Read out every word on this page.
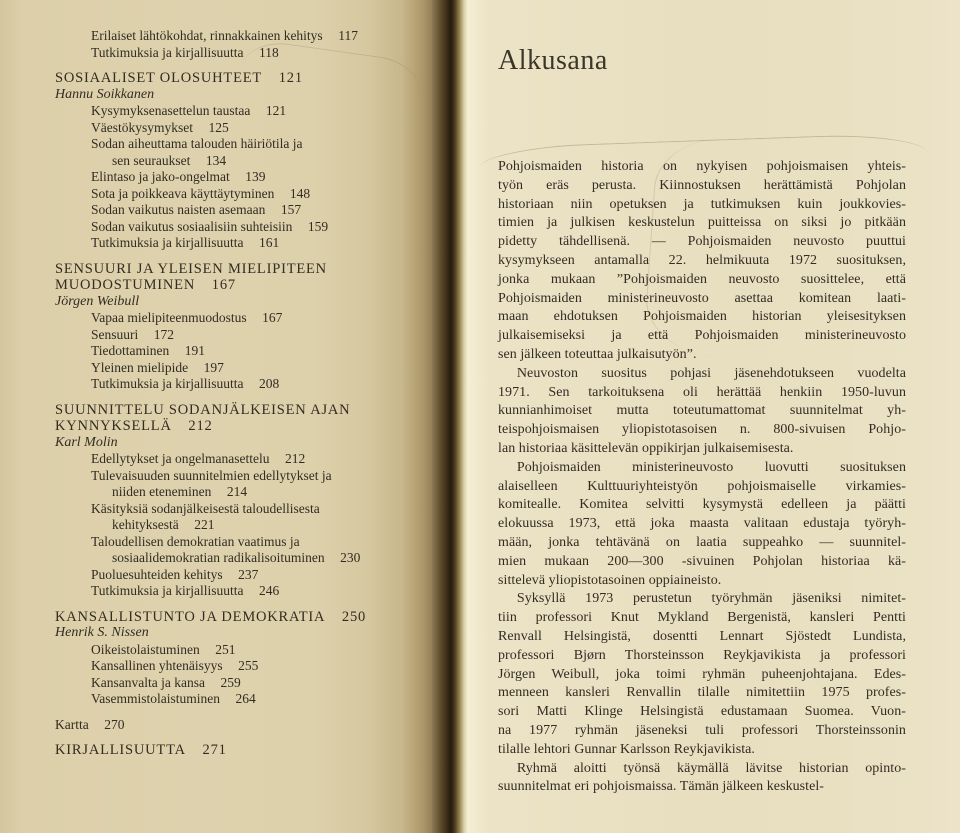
Erilaiset lähtökohdat, rinnakkainen kehitys 117
Tutkimuksia ja kirjallisuutta 118
SOSIAALISET OLOSUHTEET 121
Hannu Soikkanen
Kysymyksenasettelun taustaa 121
Väestökysymykset 125
Sodan aiheuttama talouden häiriötila ja
sen seuraukset 134
Elintaso ja jako-ongelmat 139
Sota ja poikkeava käyttäytyminen 148
Sodan vaikutus naisten asemaan 157
Sodan vaikutus sosiaalisiin suhteisiin 159
Tutkimuksia ja kirjallisuutta 161
SENSUURI JA YLEISEN MIELIPITEEN
MUODOSTUMINEN 167
Jörgen Weibull
Vapaa mielipiteenmuodostus 167
Sensuuri 172
Tiedottaminen 191
Yleinen mielipide 197
Tutkimuksia ja kirjallisuutta 208
SUUNNITTELU SODANJÄLKEISEN AJAN
KYNNYKSELLÄ 212
Karl Molin
Edellytykset ja ongelmanasettelu 212
Tulevaisuuden suunnitelmien edellytykset ja
niiden eteneminen 214
Käsityksiä sodanjälkeisestä taloudellisesta
kehityksestä 221
Taloudellisen demokratian vaatimus ja
sosiaalidemokratian radikalisoituminen 230
Puoluesuhteiden kehitys 237
Tutkimuksia ja kirjallisuutta 246
KANSALLISTUNTO JA DEMOKRATIA 250
Henrik S. Nissen
Oikeistolaistuminen 251
Kansallinen yhtenäisyys 255
Kansanvalta ja kansa 259
Vasemmistolaistuminen 264
Kartta 270
KIRJALLISUUTTA 271
Alkusana
Pohjoismaiden historia on nykyisen pohjoismaisen yhteis-
työn eräs perusta. Kiinnostuksen herättämistä Pohjolan
historiaan niin opetuksen ja tutkimuksen kuin joukkovies-
timien ja julkisen keskustelun puitteissa on siksi jo pitkään
pidetty tähdellisenä. — Pohjoismaiden neuvosto puuttui
kysymykseen antamalla 22. helmikuuta 1972 suosituksen,
jonka mukaan ”Pohjoismaiden neuvosto suosittelee, että
Pohjoismaiden ministerineuvosto asettaa komitean laati-
maan ehdotuksen Pohjoismaiden historian yleisesityksen
julkaisemiseksi ja että Pohjoismaiden ministerineuvosto
sen jälkeen toteuttaa julkaisutyön”.
Neuvoston suositus pohjasi jäsenehdotukseen vuodelta
1971. Sen tarkoituksena oli herättää henkiin 1950-luvun
kunnianhimoiset mutta toteutumattomat suunnitelmat yh-
teispohjoismaisen yliopistotasoisen n. 800-sivuisen Pohjo-
lan historiaa käsittelevän oppikirjan julkaisemisesta.
Pohjoismaiden ministerineuvosto luovutti suosituksen
alaiselleen Kulttuuriyhteistyön pohjoismaiselle virkamies-
komitealle. Komitea selvitti kysymystä edelleen ja päätti
elokuussa 1973, että joka maasta valitaan edustaja työryh-
mään, jonka tehtävänä on laatia suppeahko — suunnitel-
mien mukaan 200—300 -sivuinen Pohjolan historiaa kä-
sittelevä yliopistotasoinen oppiaineisto.
Syksyllä 1973 perustetun työryhmän jäseniksi nimitet-
tiin professori Knut Mykland Bergenistä, kansleri Pentti
Renvall Helsingistä, dosentti Lennart Sjöstedt Lundista,
professori Bjørn Thorsteinsson Reykjavikista ja professori
Jörgen Weibull, joka toimi ryhmän puheenjohtajana. Edes-
menneen kansleri Renvallin tilalle nimitettiin 1975 profes-
sori Matti Klinge Helsingistä edustamaan Suomea. Vuon-
na 1977 ryhmän jäseneksi tuli professori Thorsteinssonin
tilalle lehtori Gunnar Karlsson Reykjavikista.
Ryhmä aloitti työnsä käymällä lävitse historian opinto-
suunnitelmat eri pohjoismaissa. Tämän jälkeen keskustel-
